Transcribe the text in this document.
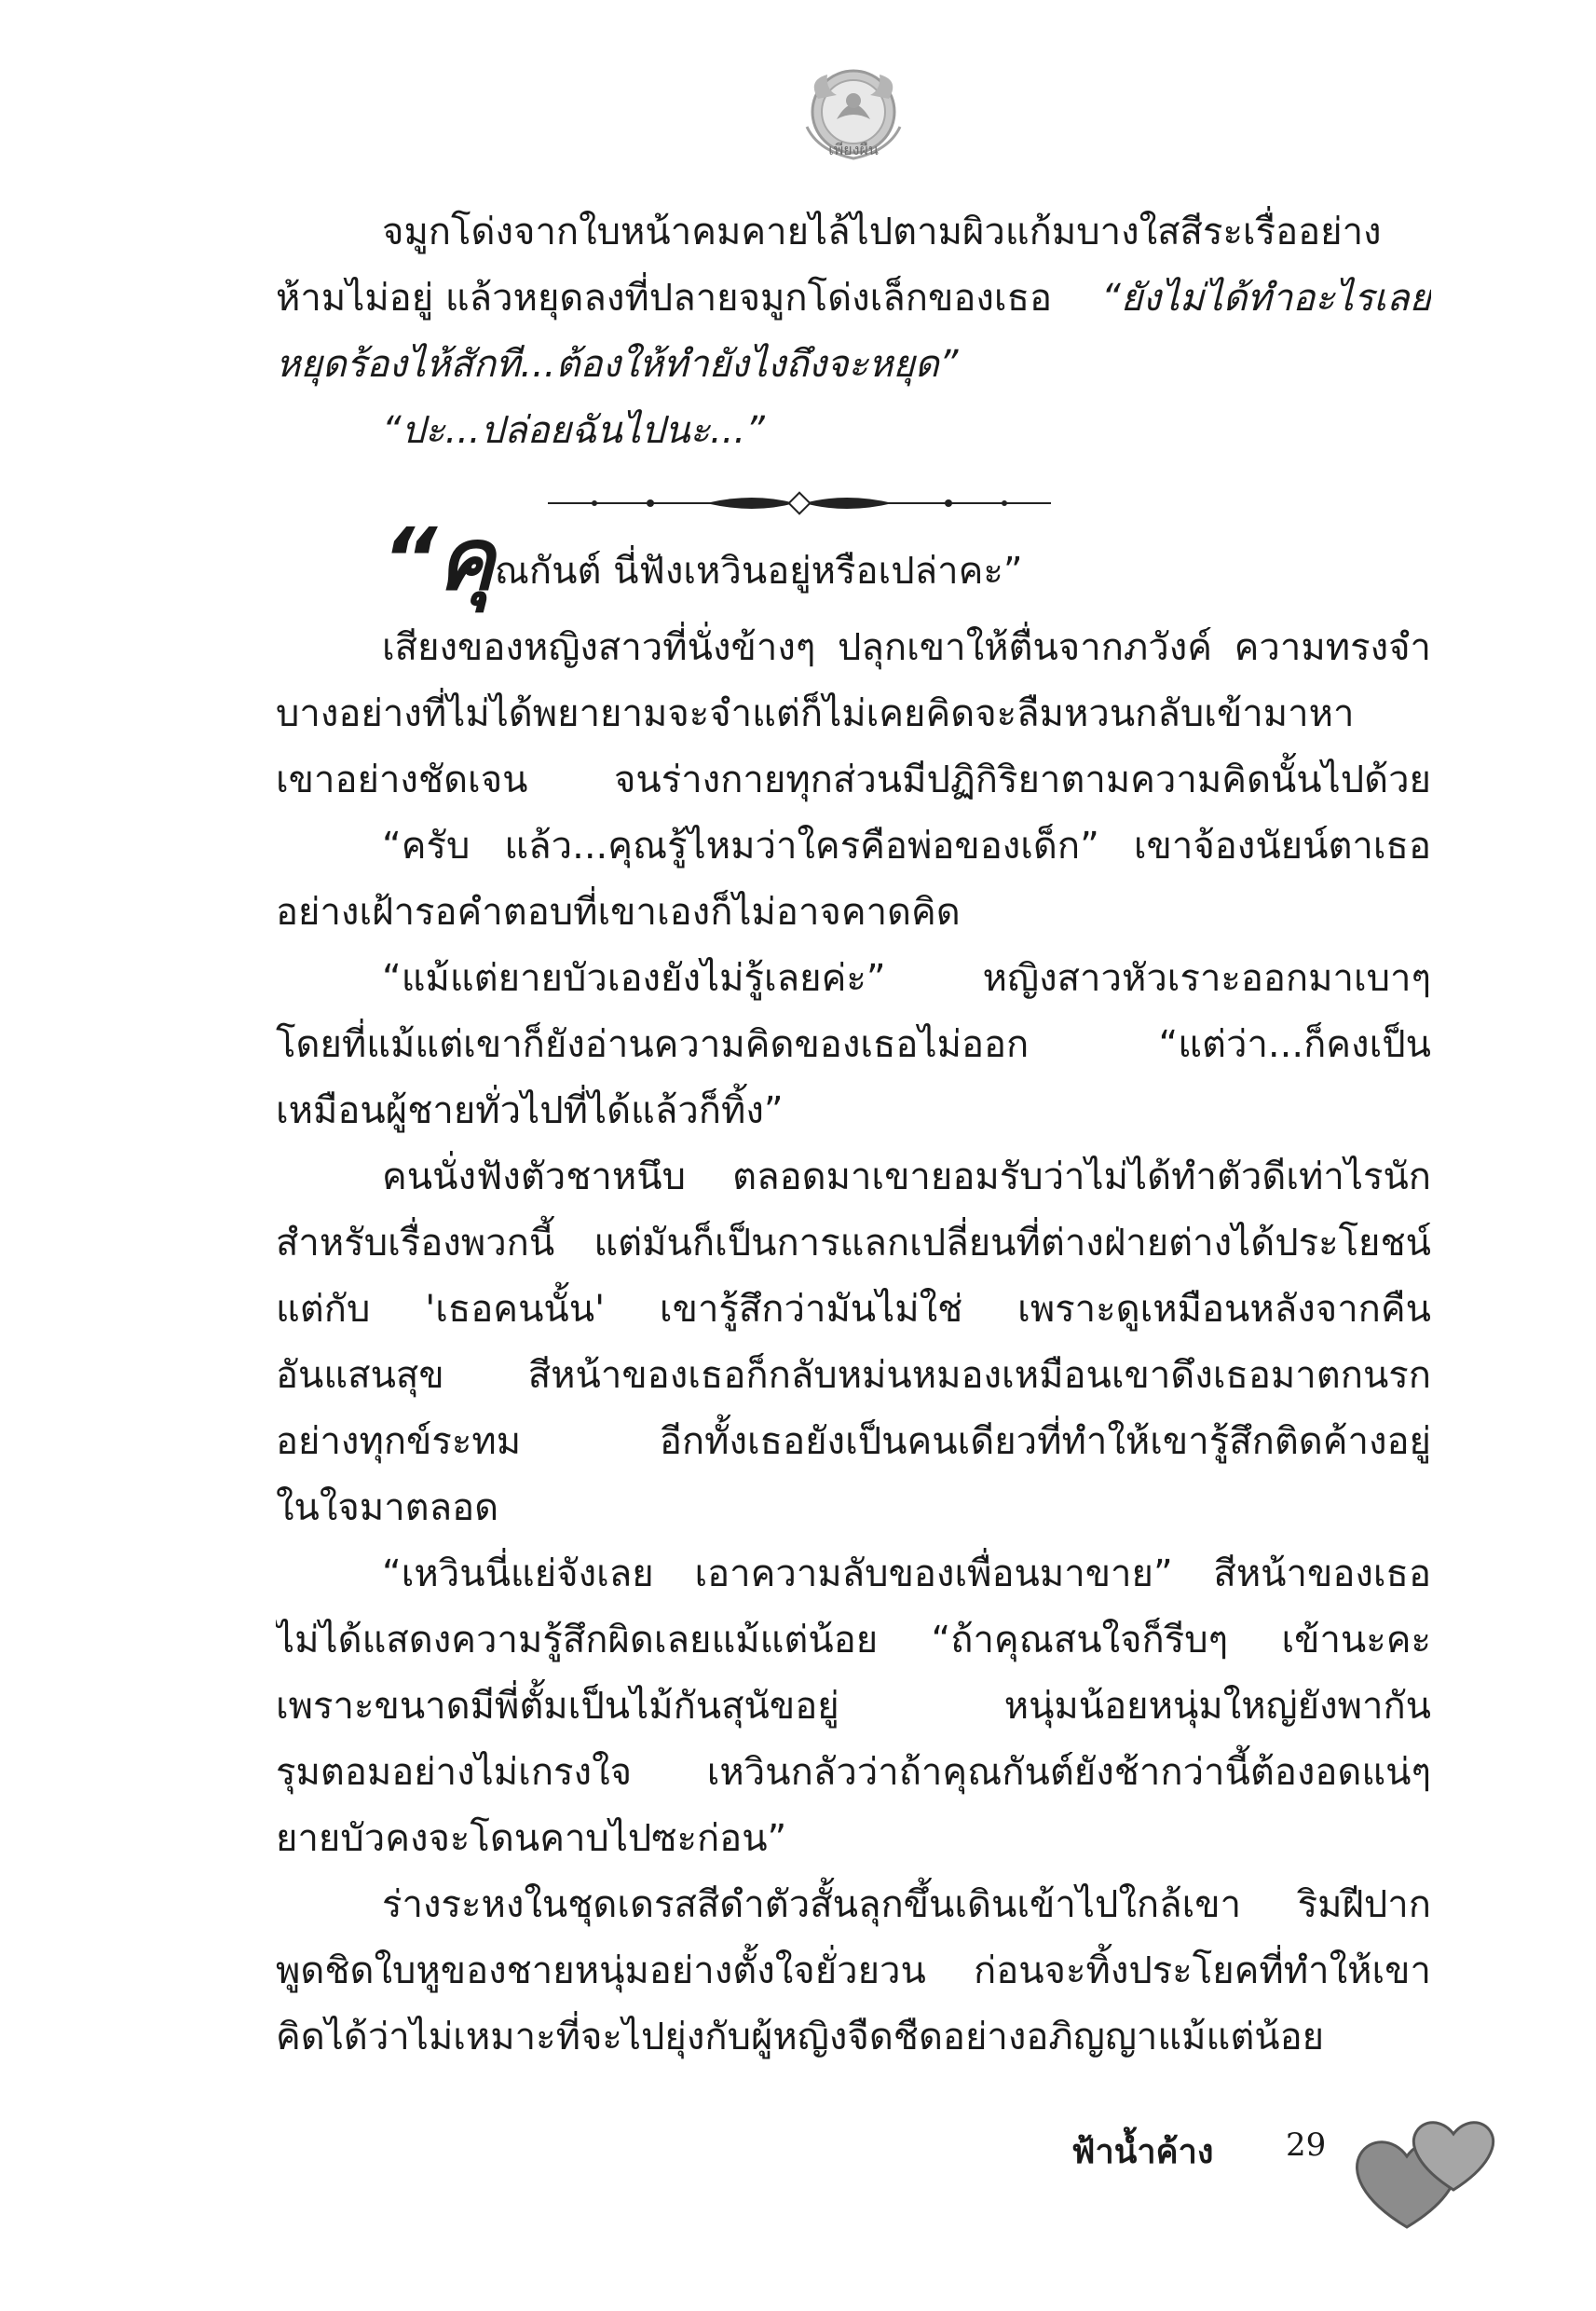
เพียงผืน
จมูกโด่งจากใบหน้าคมคายไล้ไปตามผิวแก้มบางใสสีระเรื่ออย่าง
ห้ามไม่อยู่ แล้วหยุดลงที่ปลายจมูกโด่งเล็กของเธอ “ยังไม่ได้ทำอะไรเลย
หยุดร้องไห้สักที...ต้องให้ทำยังไงถึงจะหยุด”
“ปะ...ปล่อยฉันไปนะ...”
“คุณกันต์ นี่ฟังเหวินอยู่หรือเปล่าคะ”
เสียงของหญิงสาวที่นั่งข้างๆ ปลุกเขาให้ตื่นจากภวังค์ ความทรงจำ
บางอย่างที่ไม่ได้พยายามจะจำแต่ก็ไม่เคยคิดจะลืมหวนกลับเข้ามาหา
เขาอย่างชัดเจน จนร่างกายทุกส่วนมีปฏิกิริยาตามความคิดนั้นไปด้วย
“ครับ แล้ว...คุณรู้ไหมว่าใครคือพ่อของเด็ก” เขาจ้องนัยน์ตาเธอ
อย่างเฝ้ารอคำตอบที่เขาเองก็ไม่อาจคาดคิด
“แม้แต่ยายบัวเองยังไม่รู้เลยค่ะ” หญิงสาวหัวเราะออกมาเบาๆ
โดยที่แม้แต่เขาก็ยังอ่านความคิดของเธอไม่ออก “แต่ว่า...ก็คงเป็น
เหมือนผู้ชายทั่วไปที่ได้แล้วก็ทิ้ง”
คนนั่งฟังตัวชาหนึบ ตลอดมาเขายอมรับว่าไม่ได้ทำตัวดีเท่าไรนัก
สำหรับเรื่องพวกนี้ แต่มันก็เป็นการแลกเปลี่ยนที่ต่างฝ่ายต่างได้ประโยชน์
แต่กับ 'เธอคนนั้น' เขารู้สึกว่ามันไม่ใช่ เพราะดูเหมือนหลังจากคืน
อันแสนสุข สีหน้าของเธอก็กลับหม่นหมองเหมือนเขาดึงเธอมาตกนรก
อย่างทุกข์ระทม อีกทั้งเธอยังเป็นคนเดียวที่ทำให้เขารู้สึกติดค้างอยู่
ในใจมาตลอด
“เหวินนี่แย่จังเลย เอาความลับของเพื่อนมาขาย” สีหน้าของเธอ
ไม่ได้แสดงความรู้สึกผิดเลยแม้แต่น้อย “ถ้าคุณสนใจก็รีบๆ เข้านะคะ
เพราะขนาดมีพี่ตั้มเป็นไม้กันสุนัขอยู่ หนุ่มน้อยหนุ่มใหญ่ยังพากัน
รุมตอมอย่างไม่เกรงใจ เหวินกลัวว่าถ้าคุณกันต์ยังช้ากว่านี้ต้องอดแน่ๆ
ยายบัวคงจะโดนคาบไปซะก่อน”
ร่างระหงในชุดเดรสสีดำตัวสั้นลุกขึ้นเดินเข้าไปใกล้เขา ริมฝีปาก
พูดชิดใบหูของชายหนุ่มอย่างตั้งใจยั่วยวน ก่อนจะทิ้งประโยคที่ทำให้เขา
คิดได้ว่าไม่เหมาะที่จะไปยุ่งกับผู้หญิงจืดชืดอย่างอภิญญาแม้แต่น้อย
ฟ้าน้ำค้าง 29
